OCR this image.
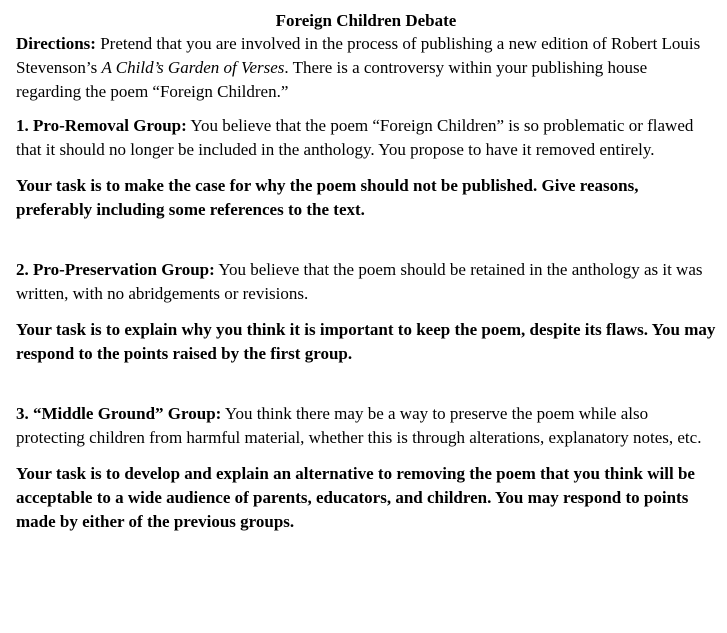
Foreign Children Debate

Directions: Pretend that you are involved in the process of publishing a new edition of Robert Louis Stevenson’s A Child’s Garden of Verses. There is a controversy within your publishing house regarding the poem “Foreign Children.”

1. Pro-Removal Group: You believe that the poem “Foreign Children” is so problematic or flawed that it should no longer be included in the anthology. You propose to have it removed entirely.

Your task is to make the case for why the poem should not be published. Give reasons, preferably including some references to the text.

2. Pro-Preservation Group: You believe that the poem should be retained in the anthology as it was written, with no abridgements or revisions.

Your task is to explain why you think it is important to keep the poem, despite its flaws. You may respond to the points raised by the first group.

3. “Middle Ground” Group: You think there may be a way to preserve the poem while also protecting children from harmful material, whether this is through alterations, explanatory notes, etc.

Your task is to develop and explain an alternative to removing the poem that you think will be acceptable to a wide audience of parents, educators, and children. You may respond to points made by either of the previous groups.
